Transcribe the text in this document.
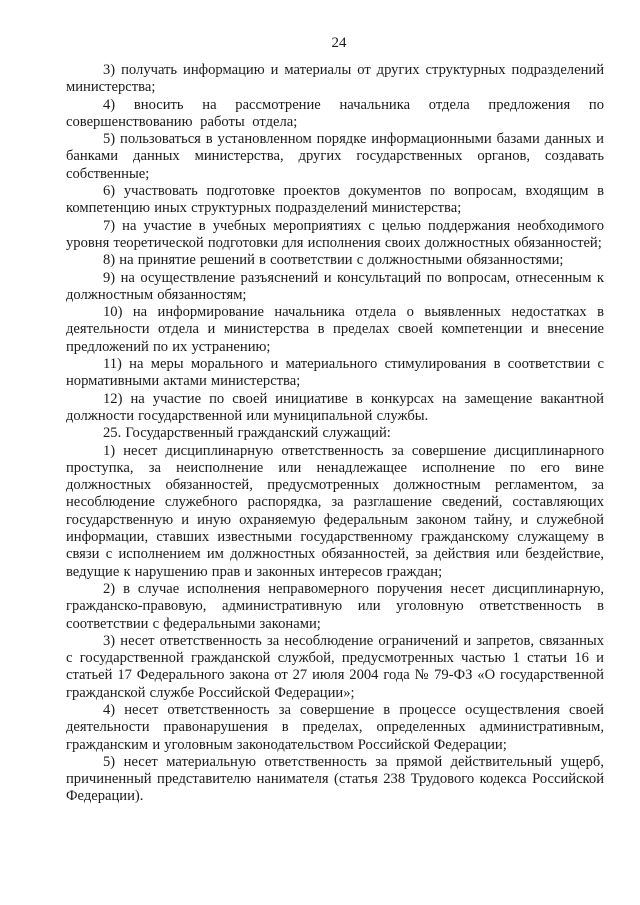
24

3) получать информацию и материалы от других структурных подразделений министерства;

4) вносить на рассмотрение начальника отдела предложения по совершенствованию работы отдела;

5) пользоваться в установленном порядке информационными базами данных и банками данных министерства, других государственных органов, создавать собственные;

6) участвовать подготовке проектов документов по вопросам, входящим в компетенцию иных структурных подразделений министерства;

7) на участие в учебных мероприятиях с целью поддержания необходимого уровня теоретической подготовки для исполнения своих должностных обязанностей;

8) на принятие решений в соответствии с должностными обязанностями;

9) на осуществление разъяснений и консультаций по вопросам, отнесенным к должностным обязанностям;

10) на информирование начальника отдела о выявленных недостатках в деятельности отдела и министерства в пределах своей компетенции и внесение предложений по их устранению;

11) на меры морального и материального стимулирования в соответствии с нормативными актами министерства;

12) на участие по своей инициативе в конкурсах на замещение вакантной должности государственной или муниципальной службы.

25. Государственный гражданский служащий:

1) несет дисциплинарную ответственность за совершение дисциплинарного проступка, за неисполнение или ненадлежащее исполнение по его вине должностных обязанностей, предусмотренных должностным регламентом, за несоблюдение служебного распорядка, за разглашение сведений, составляющих государственную и иную охраняемую федеральным законом тайну, и служебной информации, ставших известными государственному гражданскому служащему в связи с исполнением им должностных обязанностей, за действия или бездействие, ведущие к нарушению прав и законных интересов граждан;

2) в случае исполнения неправомерного поручения несет дисциплинарную, гражданско-правовую, административную или уголовную ответственность в соответствии с федеральными законами;

3) несет ответственность за несоблюдение ограничений и запретов, связанных с государственной гражданской службой, предусмотренных частью 1 статьи 16 и статьей 17 Федерального закона от 27 июля 2004 года № 79-ФЗ «О государственной гражданской службе Российской Федерации»;

4) несет ответственность за совершение в процессе осуществления своей деятельности правонарушения в пределах, определенных административным, гражданским и уголовным законодательством Российской Федерации;

5) несет материальную ответственность за прямой действительный ущерб, причиненный представителю нанимателя (статья 238 Трудового кодекса Российской Федерации).
